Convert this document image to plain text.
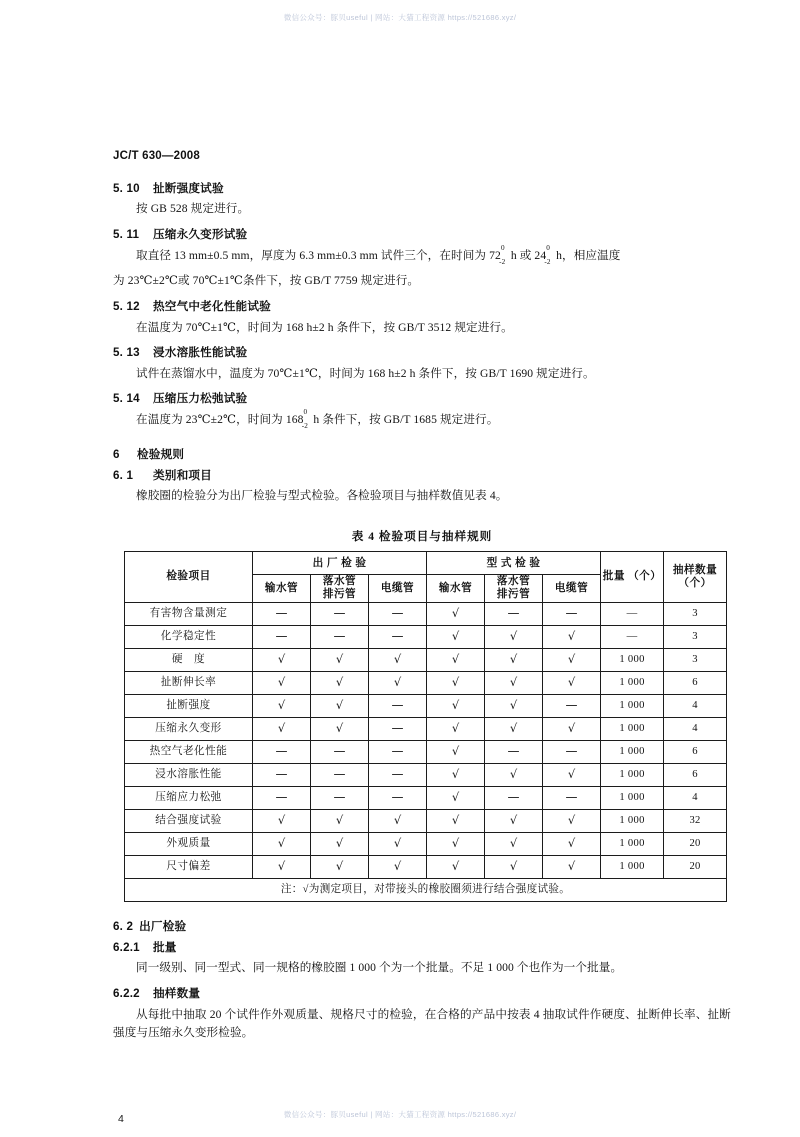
微信公众号：豚贝useful | 网站：大猫工程资源 https://521686.xyz/
JC/T 630—2008
5. 10 扯断强度试验

按 GB 528 规定进行。

5. 11 压缩永久变形试验

取直径 13 mm±0.5 mm，厚度为 6.3 mm±0.3 mm 试件三个，在时间为 $72^0_{-2}h$ 或 $24^0_{-2}h$，相应温度

为 23℃±2℃或 70℃±1℃条件下，按 GB/T 7759 规定进行。

5. 12 热空气中老化性能试验

在温度为 70℃±1℃，时间为 168 h±2 h 条件下，按 GB/T 3512 规定进行。

5. 13 浸水溶胀性能试验

试件在蒸馏水中，温度为 70℃±1℃，时间为 168 h±2 h 条件下，按 GB/T 1690 规定进行。

5. 14 压缩压力松弛试验

在温度为 23℃±2℃，时间为 $168^0_{-2}h$ 条件下，按 GB/T 1685 规定进行。

6 检验规则
6. 1 类别和项目

橡胶圈的检验分为出厂检验与型式检验。各检验项目与抽样数值见表 4。

表 4 检验项目与抽样规则
检验项目	出 厂 检 验			型 式 检 验			批量 （个）	抽样数量 （个）

	输水管	落水管
排污管	电缆管	输水管	落水管
排污管	电缆管		

有害物含量测定	—	—	—	√	—	—	—	3
化学稳定性	—	—	—	√	√	√	—	3
硬　度	√	√	√	√	√	√	1 000	3
扯断伸长率	√	√	√	√	√	√	1 000	6
扯断强度	√	√	—	√	√	—	1 000	4
压缩永久变形	√	√	—	√	√	√	1 000	4
热空气老化性能	—	—	—	√	—	—	1 000	6
浸水溶胀性能	—	—	—	√	√	√	1 000	6
压缩应力松弛	—	—	—	√	—	—	1 000	4
结合强度试验	√	√	√	√	√	√	1 000	32
外观质量	√	√	√	√	√	√	1 000	20
尺寸偏差	√	√	√	√	√	√	1 000	20
注：√为测定项目，对带接头的橡胶圈须进行结合强度试验。								
6. 2 出厂检验
6.2.1 批量

同一级别、同一型式、同一规格的橡胶圈 1 000 个为一个批量。不足 1 000 个也作为一个批量。

6.2.2 抽样数量

从每批中抽取 20 个试件作外观质量、规格尺寸的检验，在合格的产品中按表 4 抽取试件作硬度、扯断伸长率、扯断强度与压缩永久变形检验。

4	微信公众号：豚贝useful | 网站：大猫工程资源 https://521686.xyz/
